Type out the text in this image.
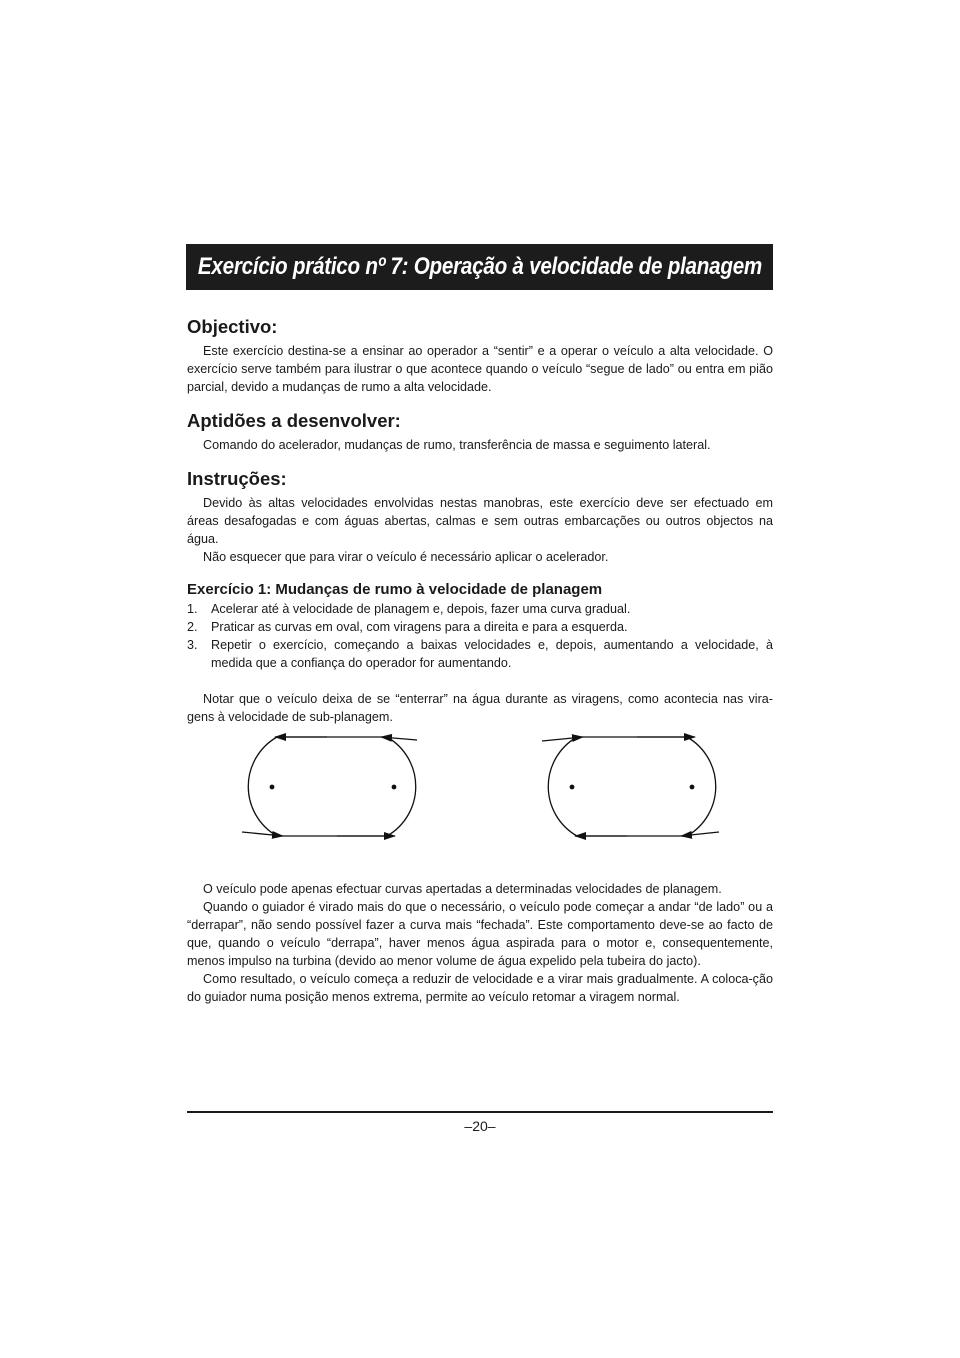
Exercício prático nº 7: Operação à velocidade de planagem
Objectivo:

Este exercício destina-se a ensinar ao operador a “sentir” e a operar o veículo a alta velocidade. O exercício serve também para ilustrar o que acontece quando o veículo “segue de lado” ou entra em pião parcial, devido a mudanças de rumo a alta velocidade.

Aptidões a desenvolver:

Comando do acelerador, mudanças de rumo, transferência de massa e seguimento lateral.

Instruções:

Devido às altas velocidades envolvidas nestas manobras, este exercício deve ser efectuado em áreas desafogadas e com águas abertas, calmas e sem outras embarcações ou outros objectos na água.

Não esquecer que para virar o veículo é necessário aplicar o acelerador.

Exercício 1: Mudanças de rumo à velocidade de planagem
1. Acelerar até à velocidade de planagem e, depois, fazer uma curva gradual.
2. Praticar as curvas em oval, com viragens para a direita e para a esquerda.
3. Repetir o exercício, começando a baixas velocidades e, depois, aumentando a velocidade, à medida que a confiança do operador for aumentando.

Notar que o veículo deixa de se “enterrar” na água durante as viragens, como acontecia nas vira-gens à velocidade de sub-planagem.

O veículo pode apenas efectuar curvas apertadas a determinadas velocidades de planagem.

Quando o guiador é virado mais do que o necessário, o veículo pode começar a andar “de lado” ou a “derrapar”, não sendo possível fazer a curva mais “fechada”. Este comportamento deve-se ao facto de que, quando o veículo “derrapa”, haver menos água aspirada para o motor e, consequentemente, menos impulso na turbina (devido ao menor volume de água expelido pela tubeira do jacto).

Como resultado, o veículo começa a reduzir de velocidade e a virar mais gradualmente. A coloca-ção do guiador numa posição menos extrema, permite ao veículo retomar a viragem normal.

–20–
